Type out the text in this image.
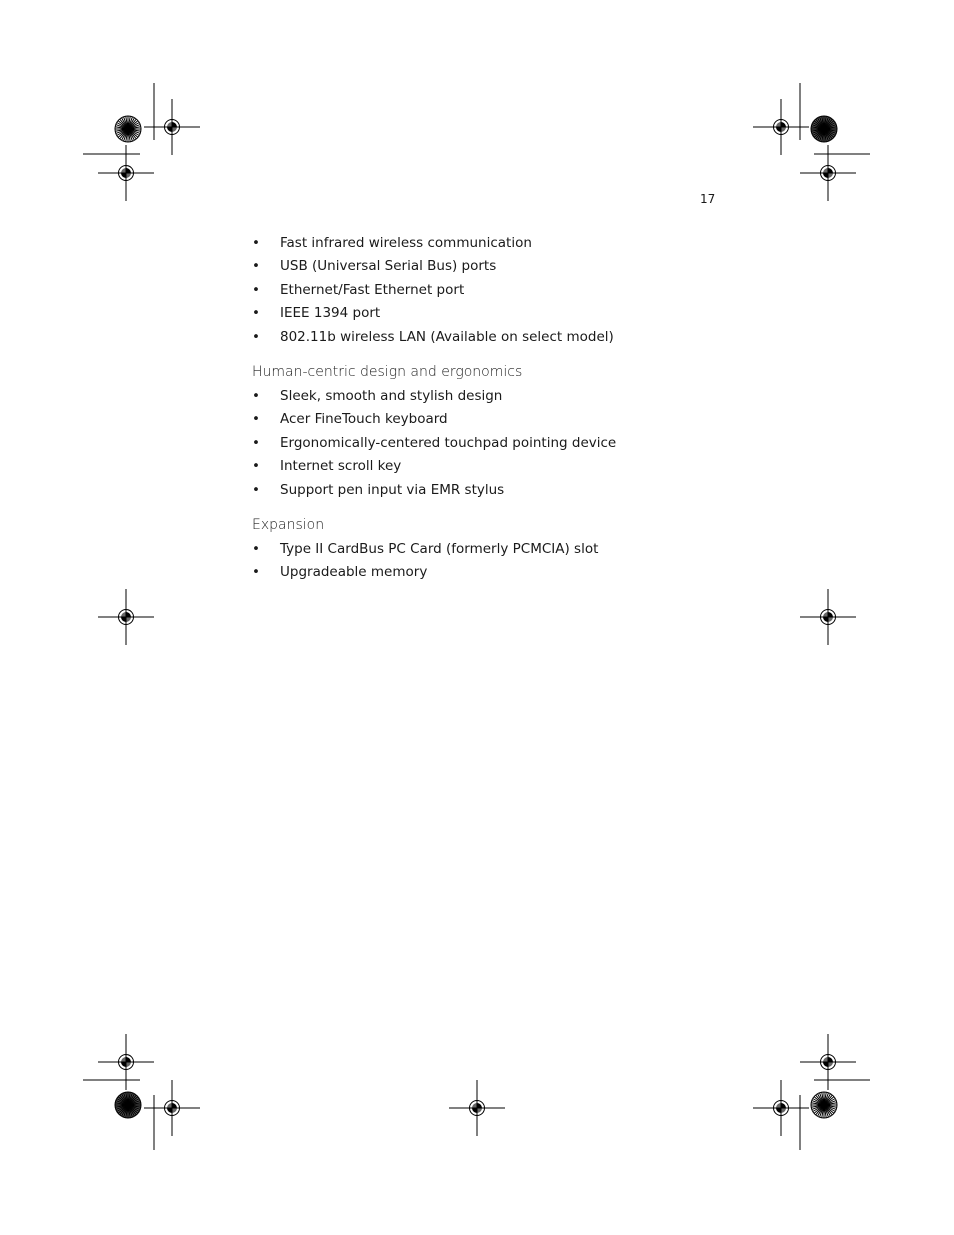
17
• Fast infrared wireless communication
• USB (Universal Serial Bus) ports
• Ethernet/Fast Ethernet port
• IEEE 1394 port
• 802.11b wireless LAN (Available on select model)
Human-centric design and ergonomics
• Sleek, smooth and stylish design
• Acer FineTouch keyboard
• Ergonomically-centered touchpad pointing device
• Internet scroll key
• Support pen input via EMR stylus
Expansion
• Type II CardBus PC Card (formerly PCMCIA) slot
• Upgradeable memory
